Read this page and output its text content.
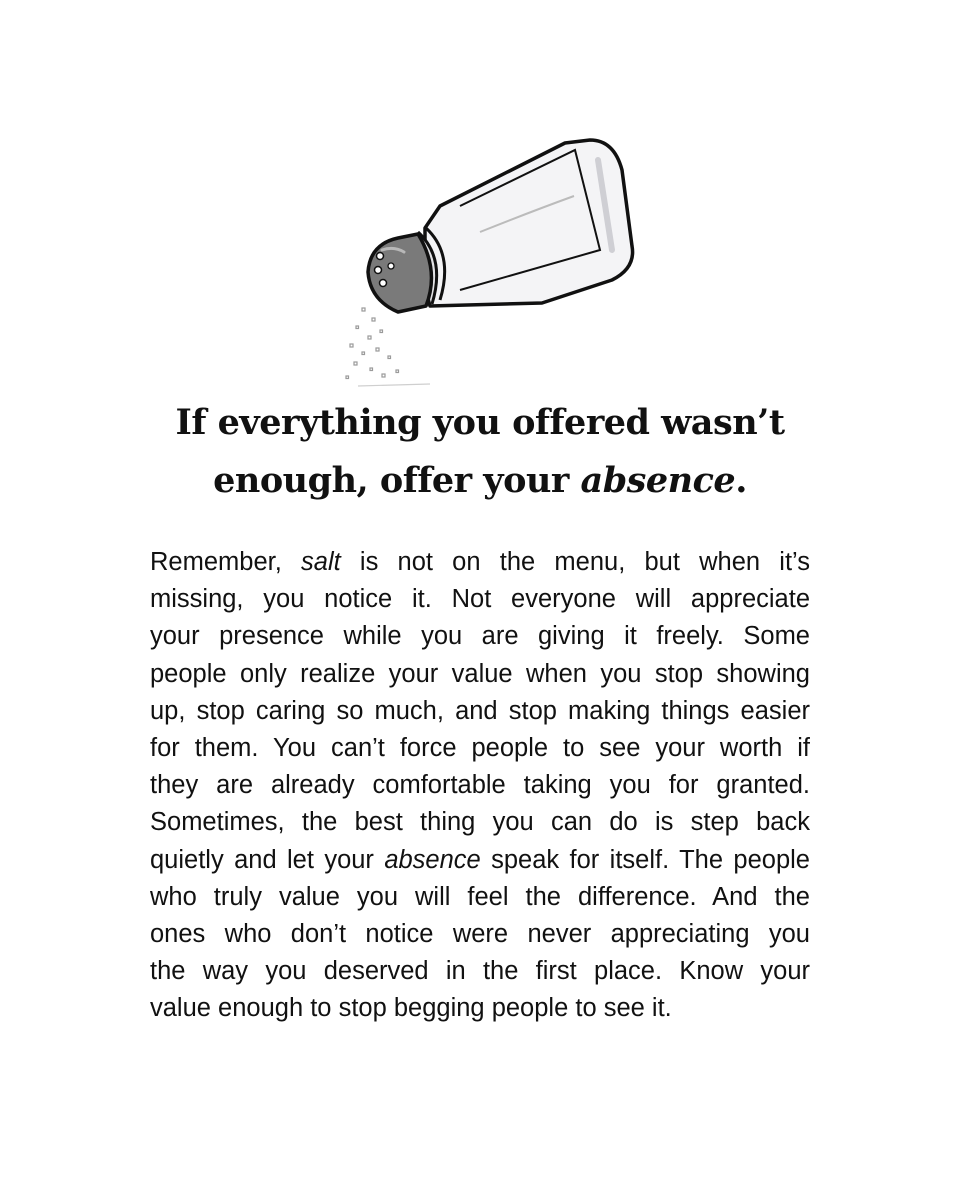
If everything you offered wasn’t
enough, offer your absence.
Remember, salt is not on the menu, but when it’s
missing, you notice it. Not everyone will appreciate
your presence while you are giving it freely. Some
people only realize your value when you stop showing
up, stop caring so much, and stop making things easier
for them. You can’t force people to see your worth if
they are already comfortable taking you for granted.
Sometimes, the best thing you can do is step back
quietly and let your absence speak for itself. The people
who truly value you will feel the difference. And the
ones who don’t notice were never appreciating you
the way you deserved in the first place. Know your
value enough to stop begging people to see it.
